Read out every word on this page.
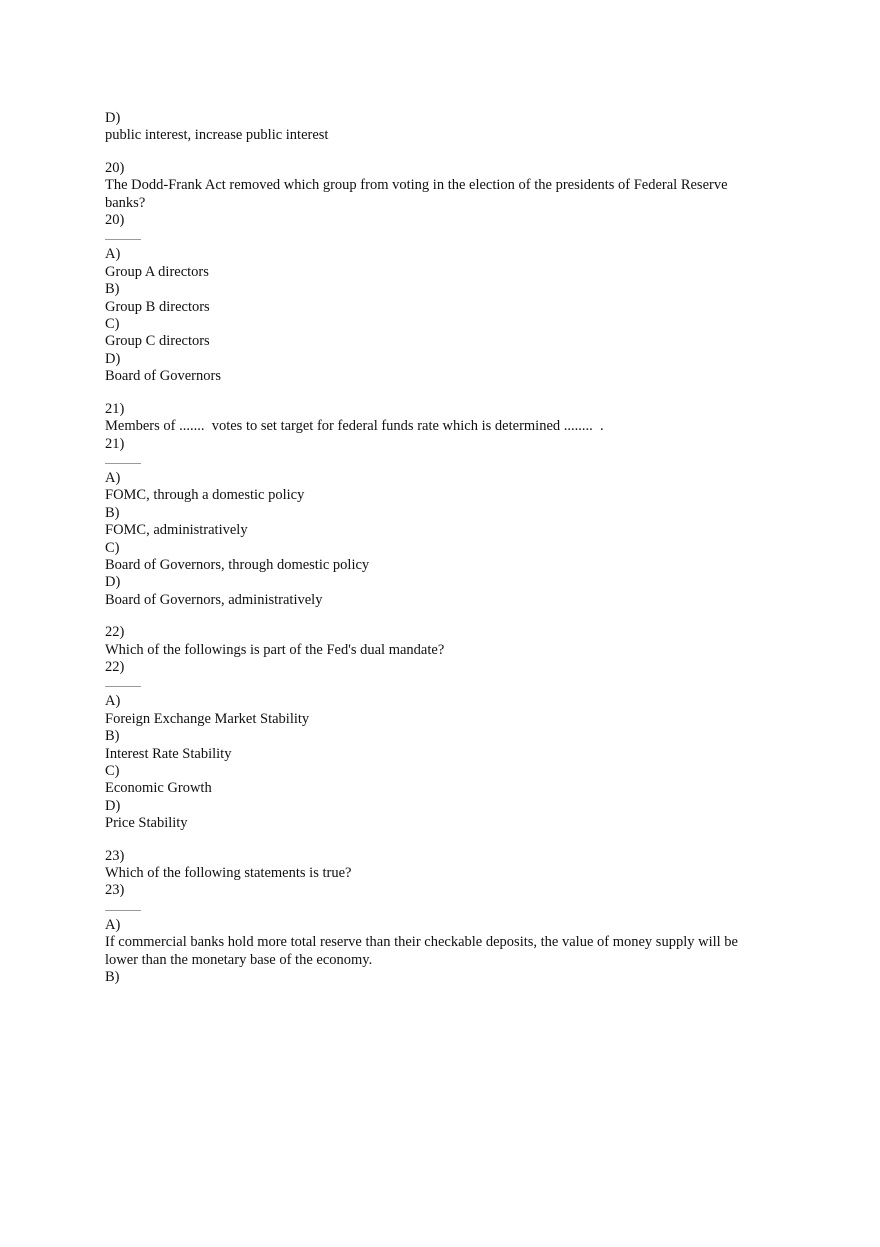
D)

public interest, increase public interest

20)

The Dodd-Frank Act removed which group from voting in the election of the presidents of Federal Reserve banks?

20)

A)

Group A directors

B)

Group B directors

C)

Group C directors

D)

Board of Governors

21)

Members of .......  votes to set target for federal funds rate which is determined ........  .

21)

A)

FOMC, through a domestic policy

B)

FOMC, administratively

C)

Board of Governors, through domestic policy

D)

Board of Governors, administratively

22)

Which of the followings is part of the Fed's dual mandate?

22)

A)

Foreign Exchange Market Stability

B)

Interest Rate Stability

C)

Economic Growth

D)

Price Stability

23)

Which of the following statements is true?

23)

A)

If commercial banks hold more total reserve than their checkable deposits, the value of money supply will be lower than the monetary base of the economy.

B)
